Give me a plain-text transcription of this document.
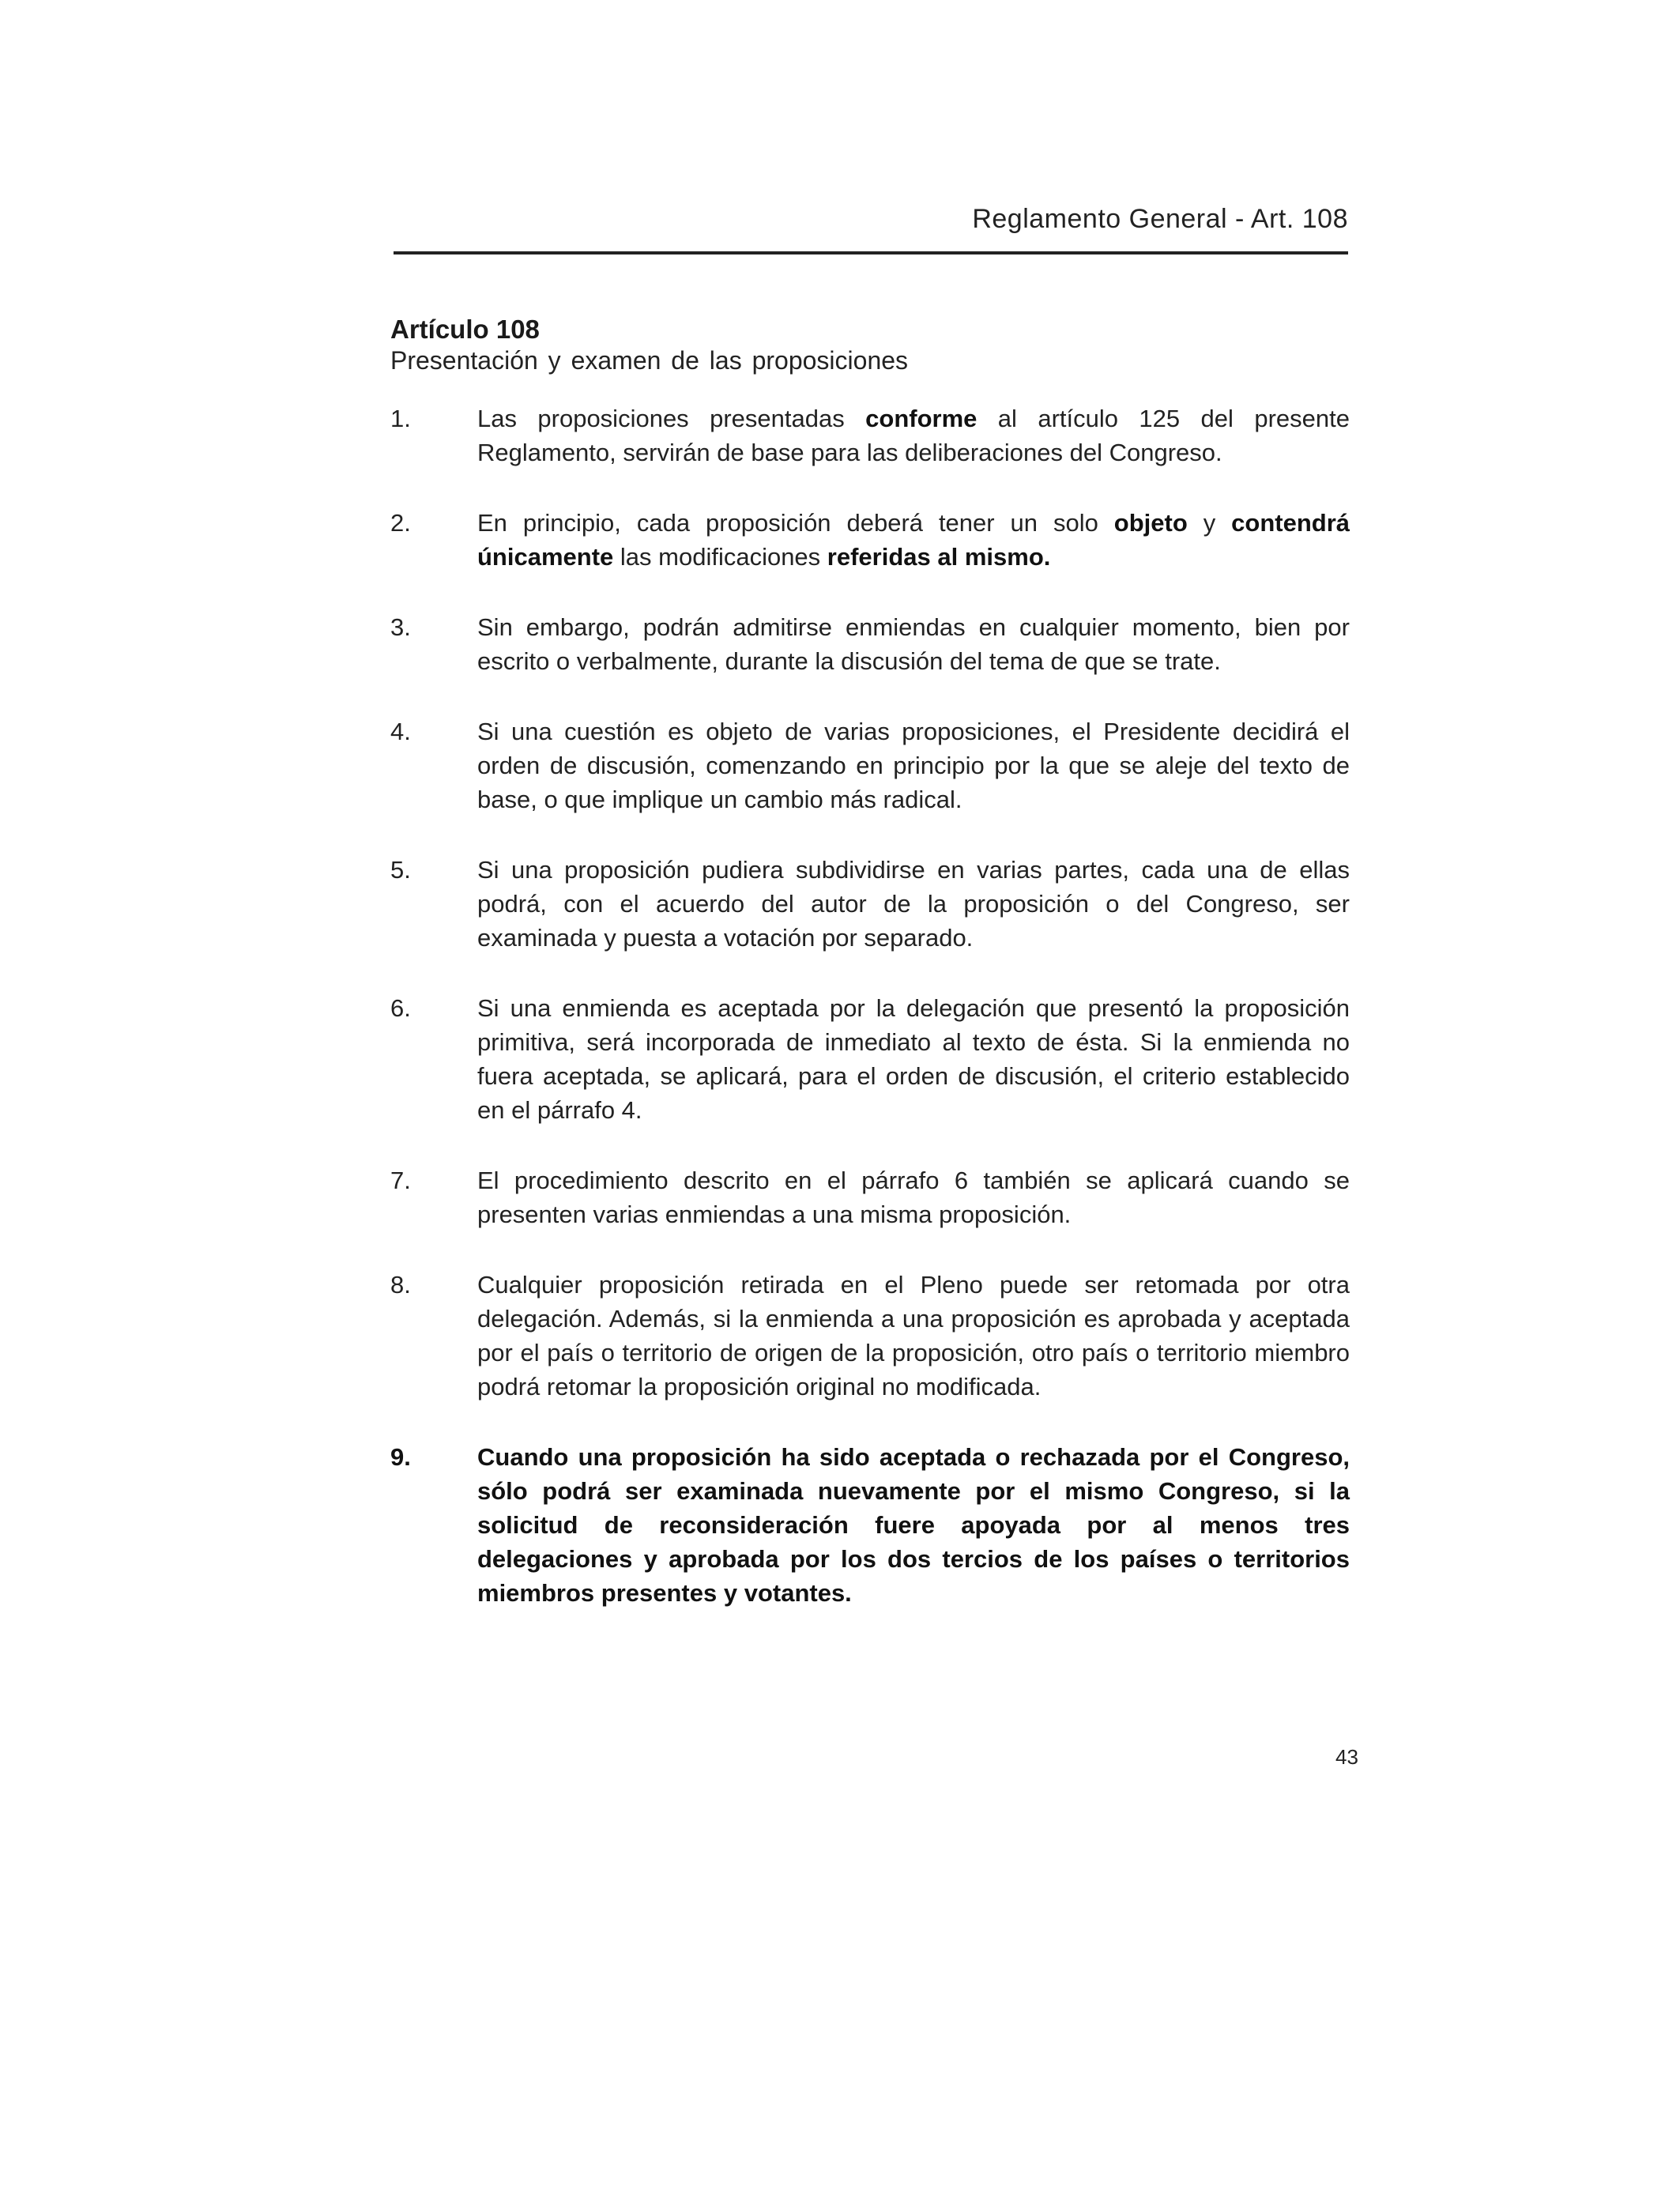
Reglamento General - Art. 108
Artículo 108
Presentación y examen de las proposiciones
1.	Las proposiciones presentadas conforme al artículo 125 del presente Reglamento, servirán de base para las deliberaciones del Congreso.
2.	En principio, cada proposición deberá tener un solo objeto y contendrá únicamente las modificaciones referidas al mismo.
3.	Sin embargo, podrán admitirse enmiendas en cualquier momento, bien por escrito o verbalmente, durante la discusión del tema de que se trate.
4.	Si una cuestión es objeto de varias proposiciones, el Presidente decidirá el orden de discusión, comenzando en principio por la que se aleje del texto de base, o que implique un cambio más radical.
5.	Si una proposición pudiera subdividirse en varias partes, cada una de ellas podrá, con el acuerdo del autor de la proposición o del Congreso, ser examinada y puesta a votación por separado.
6.	Si una enmienda es aceptada por la delegación que presentó la proposición primitiva, será incorporada de inmediato al texto de ésta. Si la enmienda no fuera aceptada, se aplicará, para el orden de discusión, el criterio establecido en el párrafo 4.
7.	El procedimiento descrito en el párrafo 6 también se aplicará cuando se presenten varias enmiendas a una misma proposición.
8.	Cualquier proposición retirada en el Pleno puede ser retomada por otra delegación. Además, si la enmienda a una proposición es aprobada y aceptada por el país o territorio de origen de la proposición, otro país o territorio miembro podrá retomar la proposición original no modificada.
9.	Cuando una proposición ha sido aceptada o rechazada por el Congreso, sólo podrá ser examinada nuevamente por el mismo Congreso, si la solicitud de reconsideración fuere apoyada por al menos tres delegaciones y aprobada por los dos tercios de los países o territorios miembros presentes y votantes.
43
